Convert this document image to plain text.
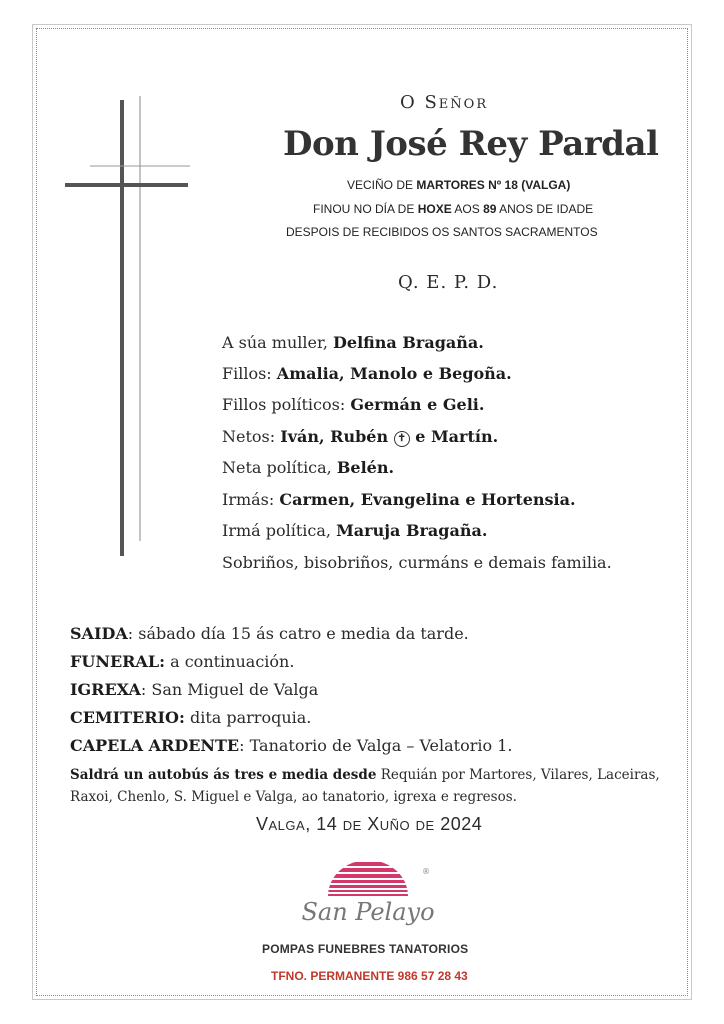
O Señor
Don José Rey Pardal
VECIÑO DE MARTORES Nº 18 (VALGA)
FINOU NO DÍA DE HOXE AOS 89 ANOS DE IDADE
DESPOIS DE RECIBIDOS OS SANTOS SACRAMENTOS
Q. E. P. D.
A súa muller, Delfina Bragaña.
Fillos: Amalia, Manolo e Begoña.
Fillos políticos: Germán e Geli.
Netos: Iván, Rubén ✝ e Martín.
Neta política, Belén.
Irmás: Carmen, Evangelina e Hortensia.
Irmá política, Maruja Bragaña.
Sobriños, bisobriños, curmáns e demais familia.
SAIDA: sábado día 15 ás catro e media da tarde.
FUNERAL: a continuación.
IGREXA: San Miguel de Valga
CEMITERIO: dita parroquia.
CAPELA ARDENTE: Tanatorio de Valga – Velatorio 1.
Saldrá un autobús ás tres e media desde Requián por Martores, Vilares, Laceiras, Raxoi, Chenlo, S. Miguel e Valga, ao tanatorio, igrexa e regresos.
Valga, 14 de Xuño de 2024
San Pelayo
®
POMPAS FUNEBRES TANATORIOS
TFNO. PERMANENTE 986 57 28 43
